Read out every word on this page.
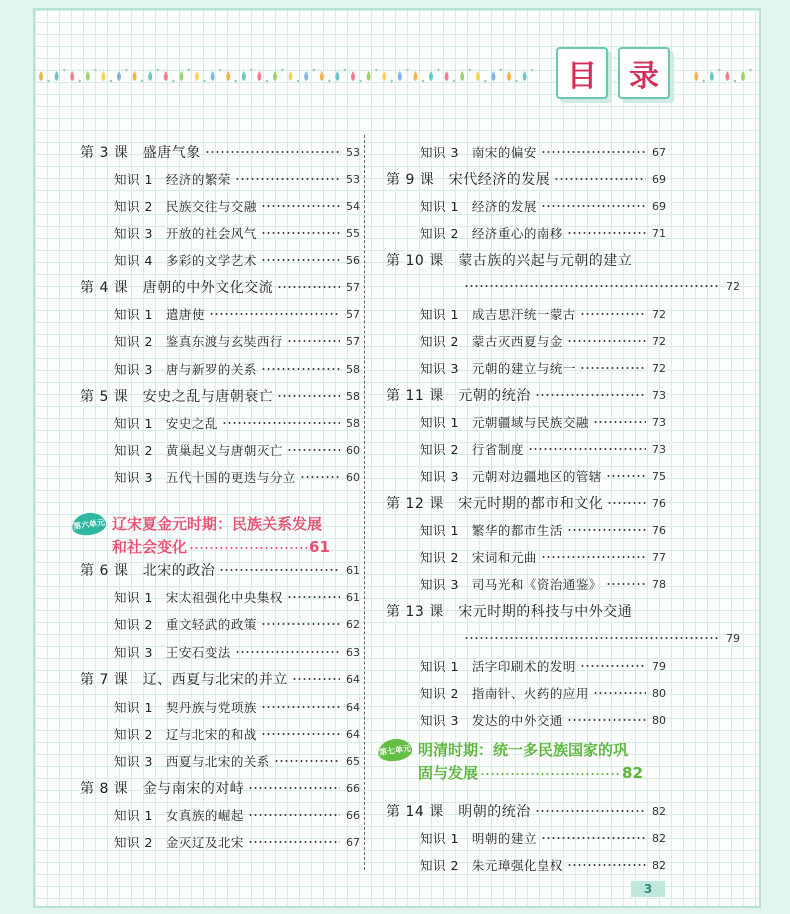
目	录
3
第 3 课　盛唐气象	53
知识 1　经济的繁荣	53
知识 2　民族交往与交融	54
知识 3　开放的社会风气	55
知识 4　多彩的文学艺术	56
第 4 课　唐朝的中外文化交流	57
知识 1　遣唐使	57
知识 2　鉴真东渡与玄奘西行	57
知识 3　唐与新罗的关系	58
第 5 课　安史之乱与唐朝衰亡	58
知识 1　安史之乱	58
知识 2　黄巢起义与唐朝灭亡	60
知识 3　五代十国的更迭与分立	60
第 6 课　北宋的政治	61
知识 1　宋太祖强化中央集权	61
知识 2　重文轻武的政策	62
知识 3　王安石变法	63
第 7 课　辽、西夏与北宋的并立	64
知识 1　契丹族与党项族	64
知识 2　辽与北宋的和战	64
知识 3　西夏与北宋的关系	65
第 8 课　金与南宋的对峙	66
知识 1　女真族的崛起	66
知识 2　金灭辽及北宋	67
第六单元 辽宋夏金元时期：民族关系发展
和社会变化	61
知识 3　南宋的偏安	67
第 9 课　宋代经济的发展	69
知识 1　经济的发展	69
知识 2　经济重心的南移	71
第 10 课　蒙古族的兴起与元朝的建立
72
知识 1　成吉思汗统一蒙古	72
知识 2　蒙古灭西夏与金	72
知识 3　元朝的建立与统一	72
第 11 课　元朝的统治	73
知识 1　元朝疆域与民族交融	73
知识 2　行省制度	73
知识 3　元朝对边疆地区的管辖	75
第 12 课　宋元时期的都市和文化	76
知识 1　繁华的都市生活	76
知识 2　宋词和元曲	77
知识 3　司马光和《资治通鉴》	78
第 13 课　宋元时期的科技与中外交通
79
知识 1　活字印刷术的发明	79
知识 2　指南针、火药的应用	80
知识 3　发达的中外交通	80
第 14 课　明朝的统治	82
知识 1　明朝的建立	82
知识 2　朱元璋强化皇权	82
第七单元 明清时期：统一多民族国家的巩
固与发展	82
